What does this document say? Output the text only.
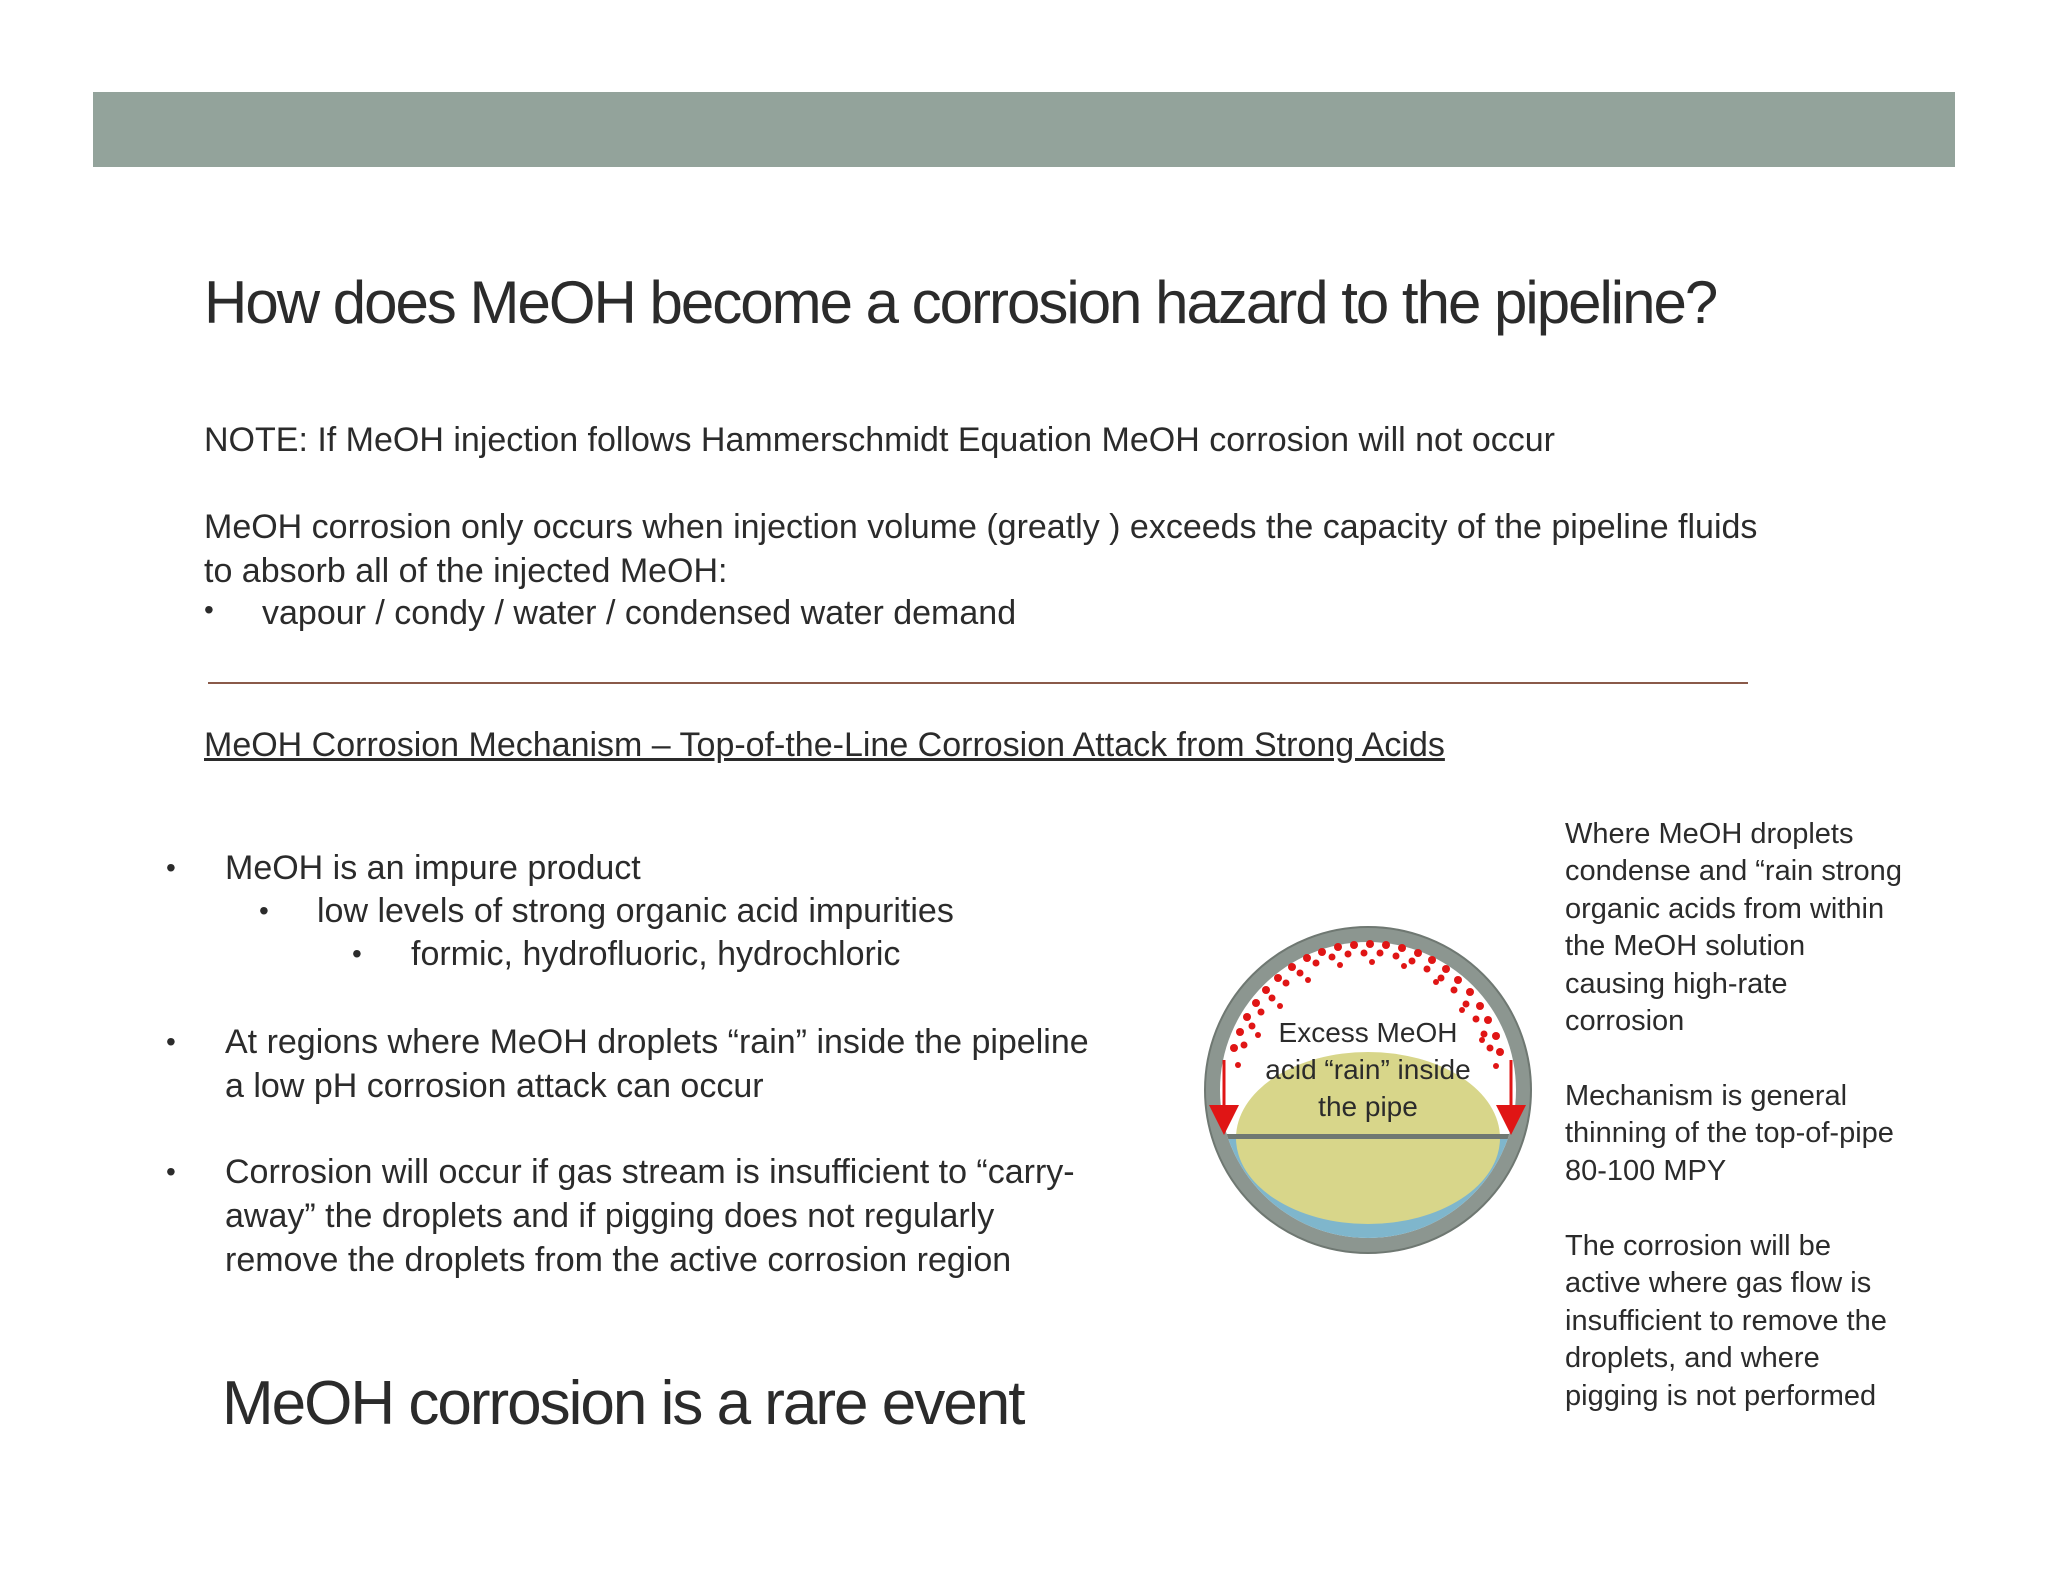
How does MeOH become a corrosion hazard to the pipeline?

NOTE: If MeOH injection follows Hammerschmidt Equation MeOH corrosion will not occur

MeOH corrosion only occurs when injection volume (greatly ) exceeds the capacity of the pipeline fluids
to absorb all of the injected MeOH:

• vapour / condy / water / condensed water demand
MeOH Corrosion Mechanism – Top-of-the-Line Corrosion Attack from Strong Acids
• MeOH is an impure product
• low levels of strong organic acid impurities
• formic, hydrofluoric, hydrochloric
• At regions where MeOH droplets “rain” inside the pipeline
a low pH corrosion attack can occur
• Corrosion will occur if gas stream is insufficient to “carry-
away” the droplets and if pigging does not regularly
remove the droplets from the active corrosion region
MeOH corrosion is a rare event
Excess MeOH
acid “rain” inside
the pipe
Where MeOH droplets
condense and “rain strong
organic acids from within
the MeOH solution
causing high-rate
corrosion
Mechanism is general
thinning of the top-of-pipe
80-100 MPY
The corrosion will be
active where gas flow is
insufficient to remove the
droplets, and where
pigging is not performed
